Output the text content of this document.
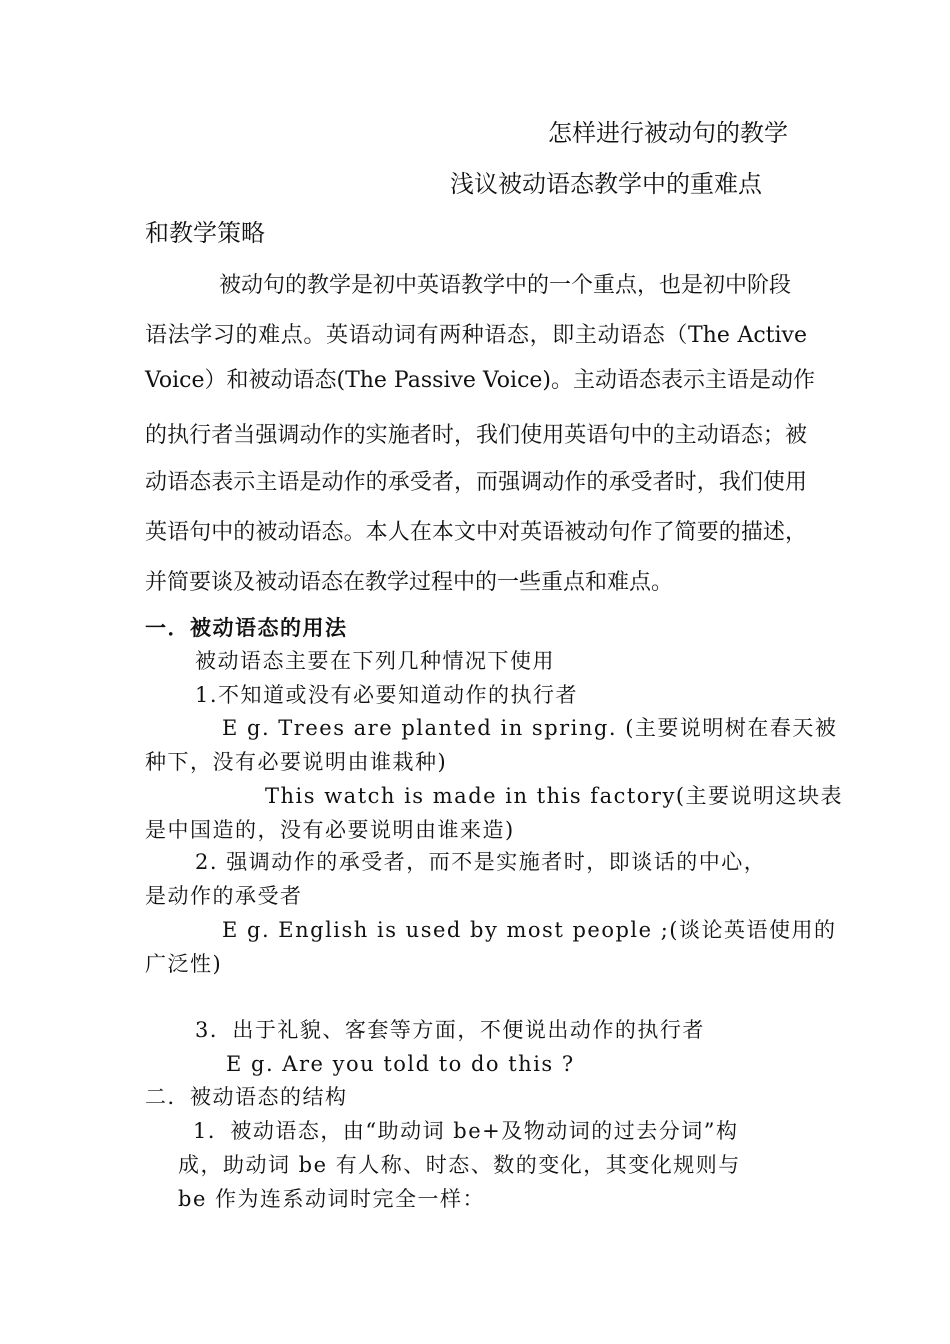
怎样进行被动句的教学
浅议被动语态教学中的重难点
和教学策略
被动句的教学是初中英语教学中的一个重点，也是初中阶段
语法学习的难点。英语动词有两种语态，即主动语态（The Active
Voice）和被动语态(The Passive Voice)。主动语态表示主语是动作
的执行者当强调动作的实施者时，我们使用英语句中的主动语态；被
动语态表示主语是动作的承受者，而强调动作的承受者时，我们使用
英语句中的被动语态。本人在本文中对英语被动句作了简要的描述，
并简要谈及被动语态在教学过程中的一些重点和难点。
一．被动语态的用法
被动语态主要在下列几种情况下使用
1.不知道或没有必要知道动作的执行者
E g. Trees are planted in spring. (主要说明树在春天被
种下，没有必要说明由谁栽种)
This watch is made in this factory(主要说明这块表
是中国造的，没有必要说明由谁来造)
2. 强调动作的承受者，而不是实施者时，即谈话的中心，
是动作的承受者
E g. English is used by most people ;(谈论英语使用的
广泛性)
3．出于礼貌、客套等方面，不便说出动作的执行者
E g. Are you told to do this ?
二．被动语态的结构
1．被动语态，由“助动词 be+及物动词的过去分词”构
成，助动词 be 有人称、时态、数的变化，其变化规则与
be 作为连系动词时完全一样：
